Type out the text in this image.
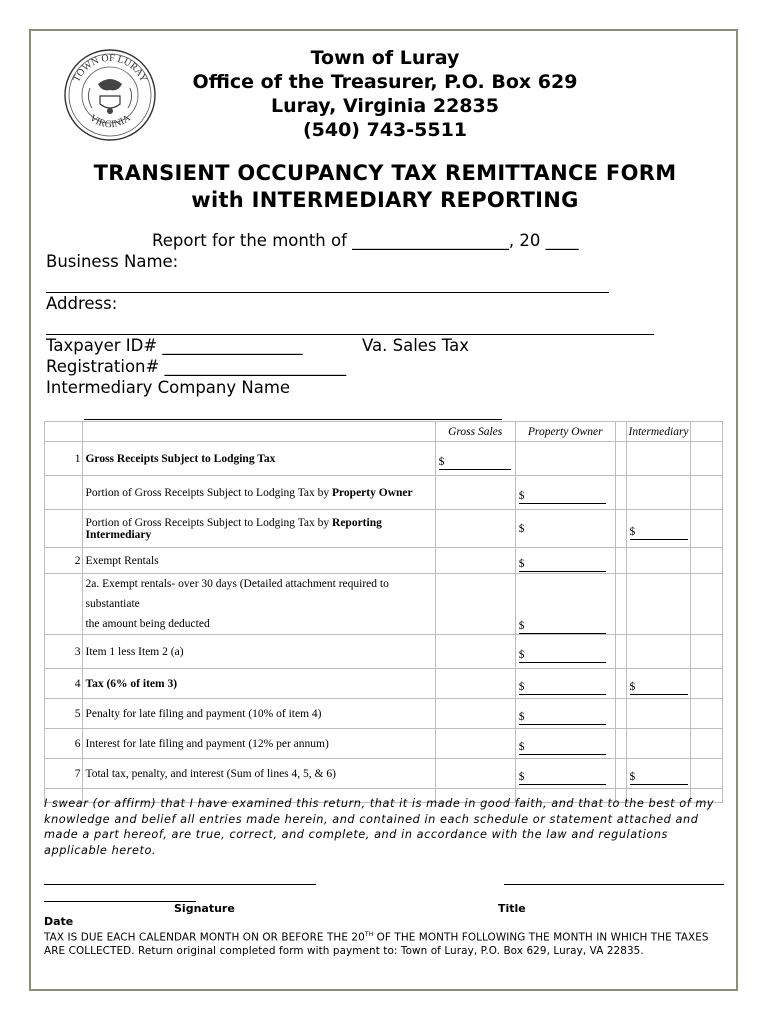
TOWN OF LURAY
VIRGINIA
Town of Luray
Office of the Treasurer, P.O. Box 629
Luray, Virginia 22835
(540) 743-5511
TRANSIENT OCCUPANCY TAX REMITTANCE FORM
with INTERMEDIARY REPORTING
Report for the month of ___________________, 20 ____
Business Name:
Address:
Taxpayer ID# _________________	Va. Sales Tax
Registration# ______________________
Intermediary Company Name
		Gross Sales	Property Owner		Intermediary	
1	Gross Receipts Subject to Lodging Tax	$				
	Portion of Gross Receipts Subject to Lodging Tax by Property Owner		$			
	Portion of Gross Receipts Subject to Lodging Tax by Reporting Intermediary		$		$	
2	Exempt Rentals		$			

	2a. Exempt rentals- over 30 days (Detailed attachment required to substantiate
the amount being deducted		$			
3	Item 1 less Item 2 (a)		$			
4	Tax (6% of item 3)		$		$	
5	Penalty for late filing and payment (10% of item 4)		$			
6	Interest for late filing and payment (12% per annum)		$			
7	Total tax, penalty, and interest (Sum of lines 4, 5, & 6)		$		$	

I swear (or affirm) that I have examined this return, that it is made in good faith, and that to the best of my knowledge and belief all entries made herein, and contained in each schedule or statement attached and made a part hereof, are true, correct, and complete, and in accordance with the law and regulations applicable hereto.
Signature	Title
Date
TAX IS DUE EACH CALENDAR MONTH ON OR BEFORE THE 20TH OF THE MONTH FOLLOWING THE MONTH IN WHICH THE TAXES ARE COLLECTED. Return original completed form with payment to: Town of Luray, P.O. Box 629, Luray, VA 22835.
